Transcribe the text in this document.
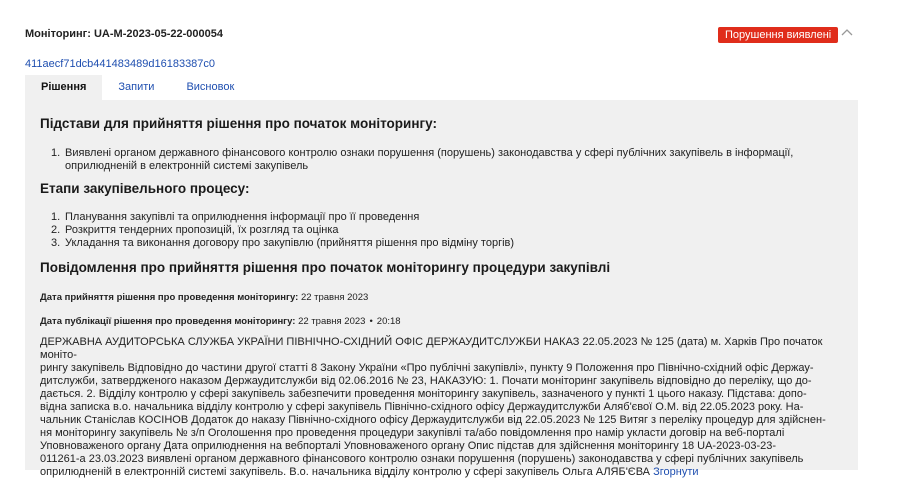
Моніторинг: UA-M-2023-05-22-000054	Порушення виявлені
411aecf71dcb441483489d16183387c0
Рішення	Запити	Висновок
Підстави для прийняття рішення про початок моніторингу:
1. Виявлені органом державного фінансового контролю ознаки порушення (порушень) законодавства у сфері публічних закупівель в інформації, оприлюдненій в електронній системі закупівель
Етапи закупівельного процесу:
1. Планування закупівлі та оприлюднення інформації про її проведення
2. Розкриття тендерних пропозицій, їх розгляд та оцінка
3. Укладання та виконання договору про закупівлю (прийняття рішення про відміну торгів)
Повідомлення про прийняття рішення про початок моніторингу процедури закупівлі
Дата прийняття рішення про проведення моніторингу: 22 травня 2023
Дата публікації рішення про проведення моніторингу: 22 травня 2023 • 20:18
ДЕРЖАВНА АУДИТОРСЬКА СЛУЖБА УКРАЇНИ ПІВНІЧНО-СХІДНИЙ ОФІС ДЕРЖАУДИТСЛУЖБИ НАКАЗ 22.05.2023 № 125 (дата) м. Харків Про початок моніто-
рингу закупівель Відповідно до частини другої статті 8 Закону України «Про публічні закупівлі», пункту 9 Положення про Північно-східний офіс Держау-
дитслужби, затвердженого наказом Держаудитслужби від 02.06.2016 № 23, НАКАЗУЮ: 1. Почати моніторинг закупівель відповідно до переліку, що до-
дається. 2. Відділу контролю у сфері закупівель забезпечити проведення моніторингу закупівель, зазначеного у пункті 1 цього наказу. Підстава: допо-
відна записка в.о. начальника відділу контролю у сфері закупівель Північно-східного офісу Держаудитслужби Аляб'євої О.М. від 22.05.2023 року. На-
чальник Станіслав КОСІНОВ Додаток до наказу Північно-східного офісу Держаудитслужби від 22.05.2023 № 125 Витяг з переліку процедур для здійснен-
ня моніторингу закупівель № з/п Оголошення про проведення процедури закупівлі та/або повідомлення про намір укласти договір на веб-порталі
Уповноваженого органу Дата оприлюднення на вебпорталі Уповноваженого органу Опис підстав для здійснення моніторингу 18 UA-2023-03-23-
011261-а 23.03.2023 виявлені органом державного фінансового контролю ознаки порушення (порушень) законодавства у сфері публічних закупівель
оприлюдненій в електронній системі закупівель. В.о. начальника відділу контролю у сфері закупівель Ольга АЛЯБ'ЄВА Згорнути
